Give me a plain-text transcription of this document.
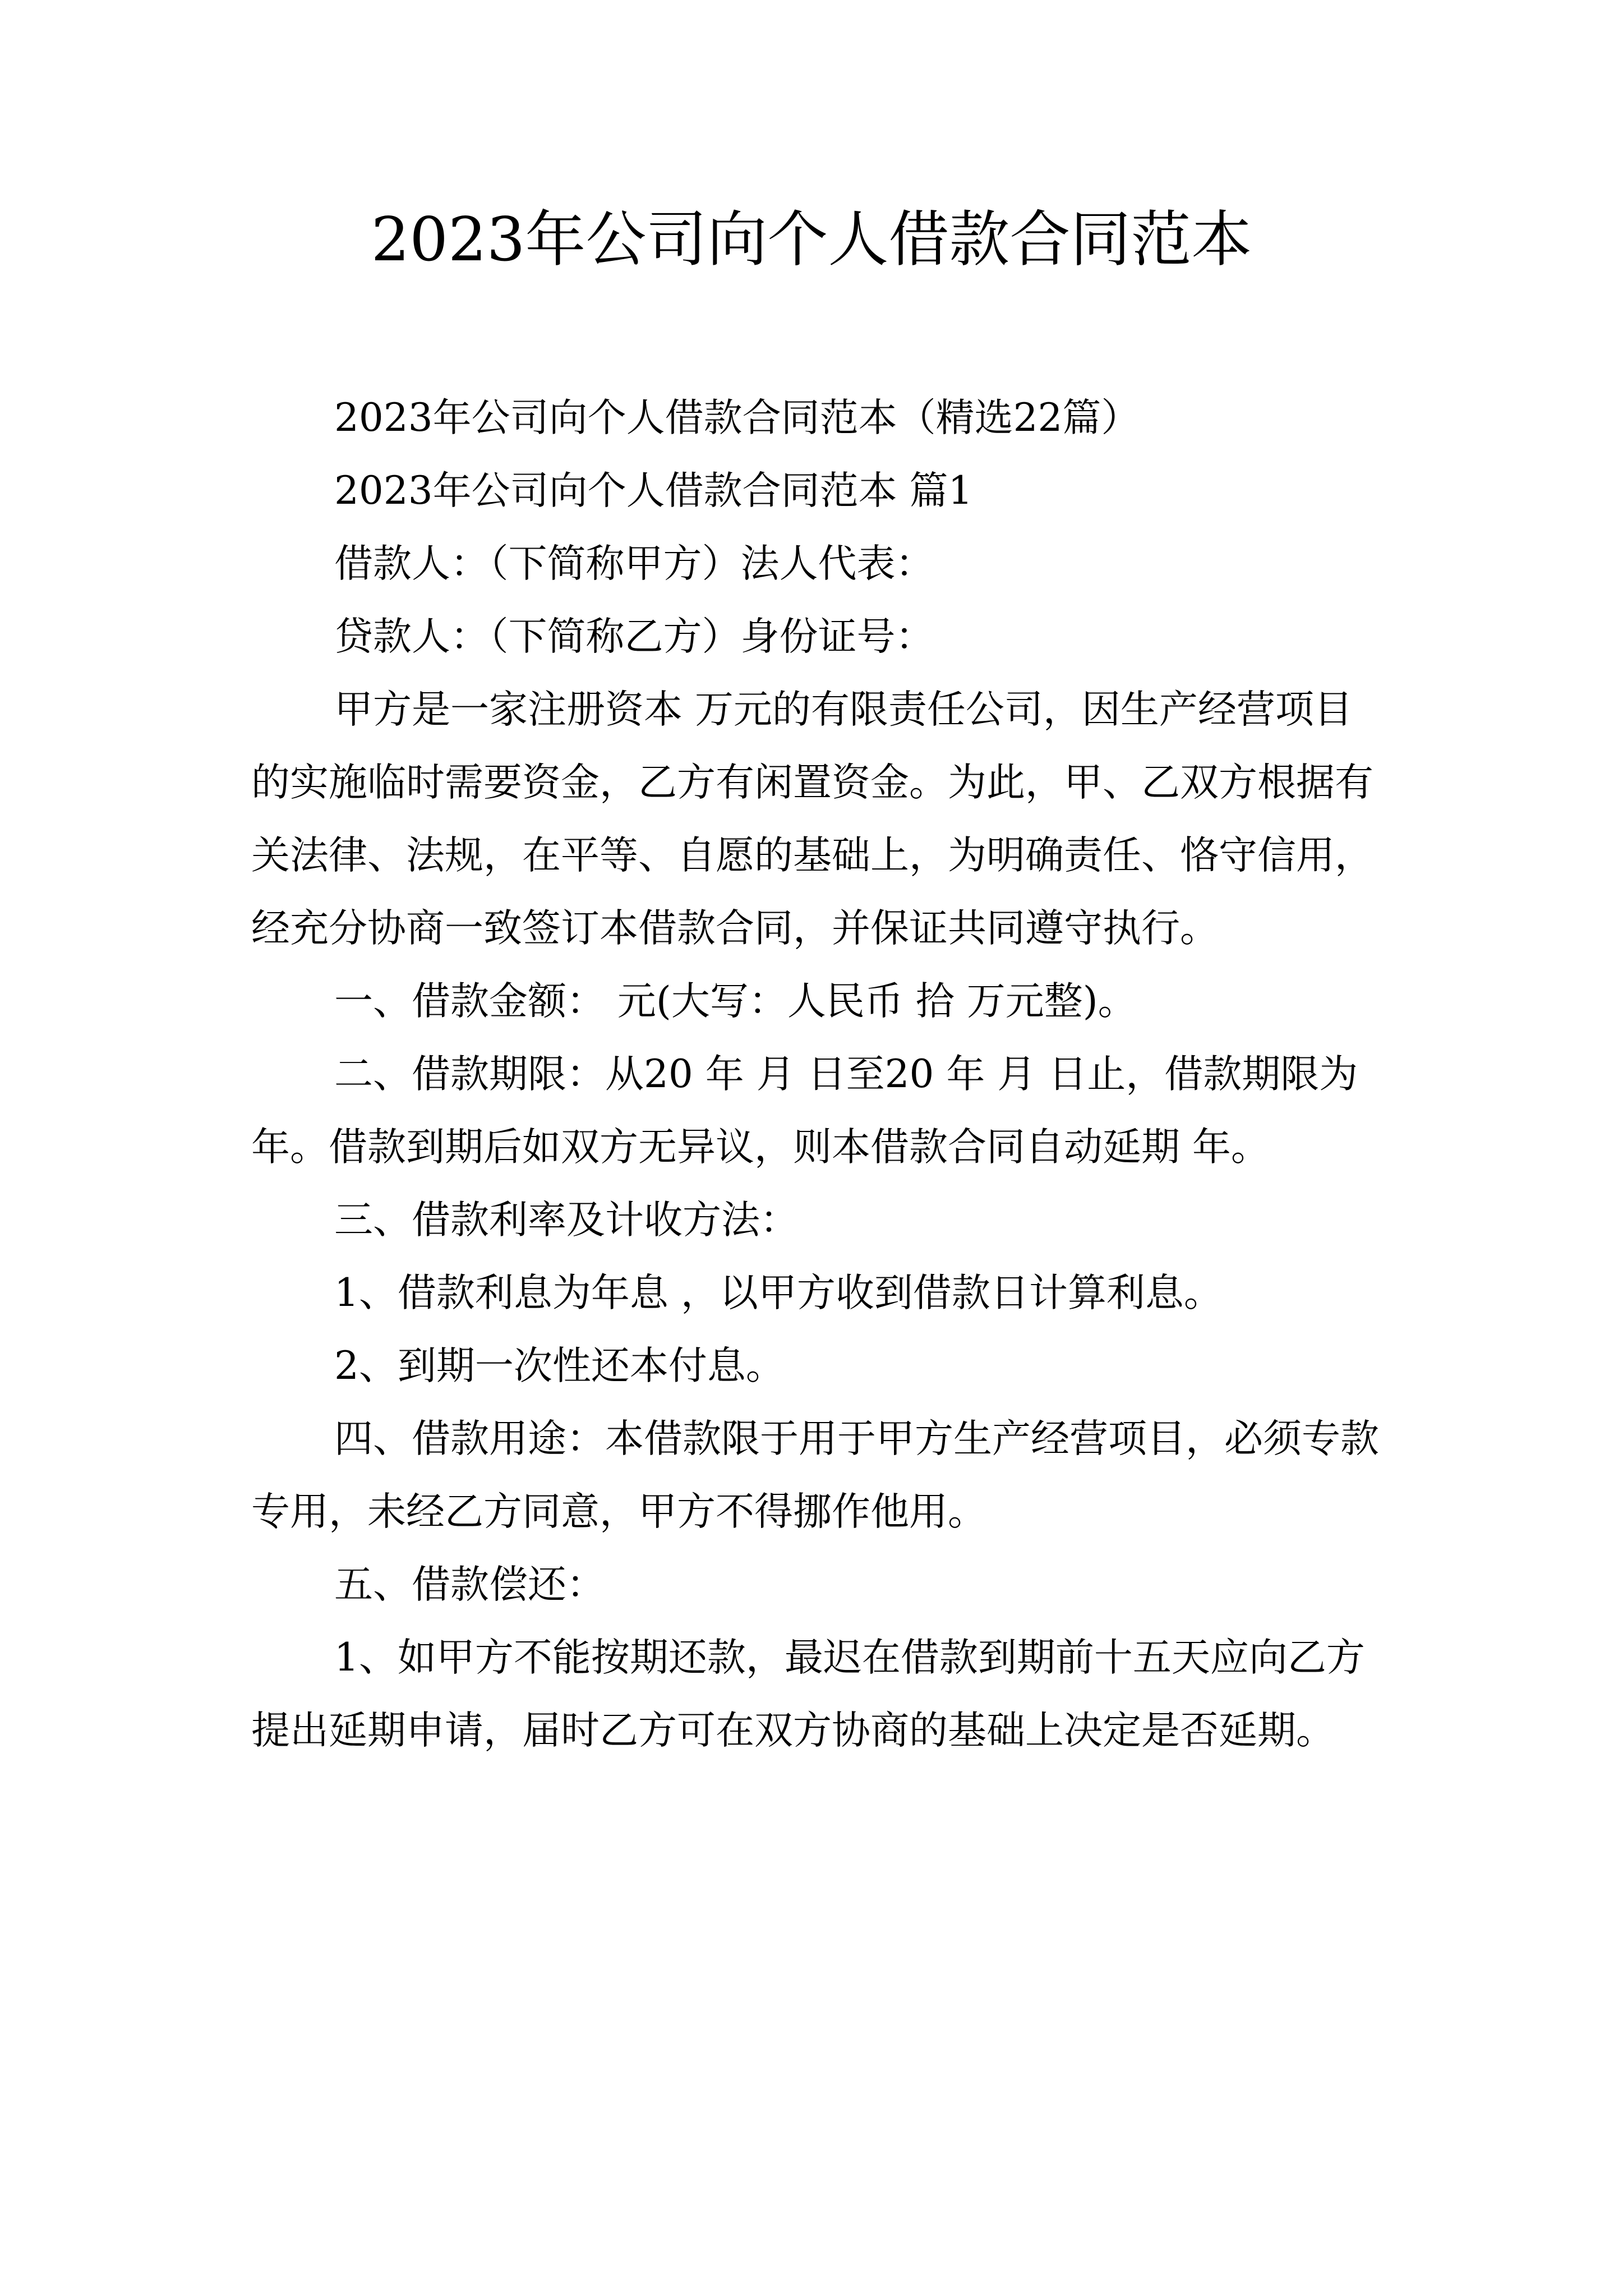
2023年公司向个人借款合同范本

2023年公司向个人借款合同范本（精选22篇）

2023年公司向个人借款合同范本 篇1

借款人：（下简称甲方）法人代表：

贷款人：（下简称乙方）身份证号：

甲方是一家注册资本 万元的有限责任公司，因生产经营项目的实施临时需要资金，乙方有闲置资金。为此，甲、乙双方根据有关法律、法规，在平等、自愿的基础上，为明确责任、恪守信用，经充分协商一致签订本借款合同，并保证共同遵守执行。

一、借款金额： 元(大写：人民币 拾 万元整)。

二、借款期限：从20 年 月 日至20 年 月 日止，借款期限为 年。借款到期后如双方无异议，则本借款合同自动延期 年。

三、借款利率及计收方法：

1、借款利息为年息 ，以甲方收到借款日计算利息。

2、到期一次性还本付息。

四、借款用途：本借款限于用于甲方生产经营项目，必须专款专用，未经乙方同意，甲方不得挪作他用。

五、借款偿还：

1、如甲方不能按期还款，最迟在借款到期前十五天应向乙方提出延期申请，届时乙方可在双方协商的基础上决定是否延期。
